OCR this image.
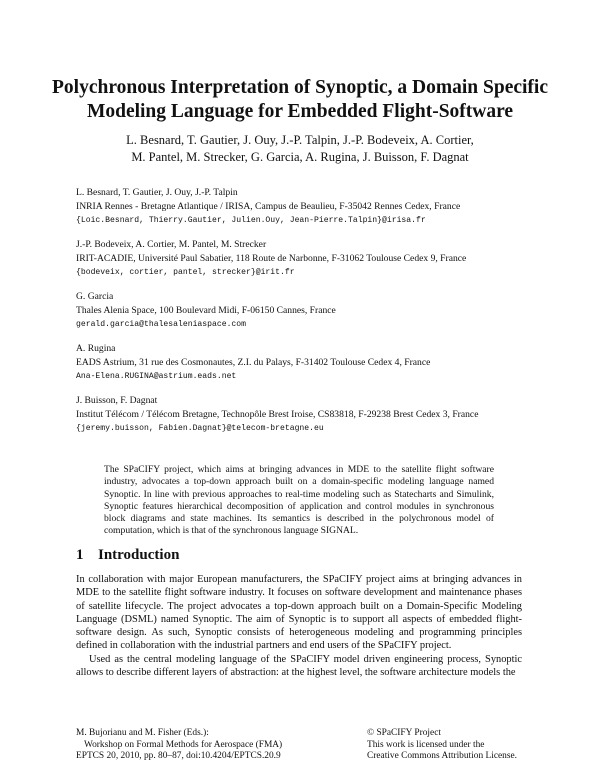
Polychronous Interpretation of Synoptic, a Domain Specific
Modeling Language for Embedded Flight-Software
L. Besnard, T. Gautier, J. Ouy, J.-P. Talpin, J.-P. Bodeveix, A. Cortier,
M. Pantel, M. Strecker, G. Garcia, A. Rugina, J. Buisson, F. Dagnat
L. Besnard, T. Gautier, J. Ouy, J.-P. Talpin
INRIA Rennes - Bretagne Atlantique / IRISA, Campus de Beaulieu, F-35042 Rennes Cedex, France
{Loic.Besnard, Thierry.Gautier, Julien.Ouy, Jean-Pierre.Talpin}@irisa.fr
J.-P. Bodeveix, A. Cortier, M. Pantel, M. Strecker
IRIT-ACADIE, Université Paul Sabatier, 118 Route de Narbonne, F-31062 Toulouse Cedex 9, France
{bodeveix, cortier, pantel, strecker}@irit.fr
G. Garcia
Thales Alenia Space, 100 Boulevard Midi, F-06150 Cannes, France
gerald.garcia@thalesaleniaspace.com
A. Rugina
EADS Astrium, 31 rue des Cosmonautes, Z.I. du Palays, F-31402 Toulouse Cedex 4, France
Ana-Elena.RUGINA@astrium.eads.net
J. Buisson, F. Dagnat
Institut Télécom / Télécom Bretagne, Technopôle Brest Iroise, CS83818, F-29238 Brest Cedex 3, France
{jeremy.buisson, Fabien.Dagnat}@telecom-bretagne.eu

The SPaCIFY project, which aims at bringing advances in MDE to the satellite flight software industry, advocates a top-down approach built on a domain-specific modeling language named Synoptic. In line with previous approaches to real-time modeling such as Statecharts and Simulink, Synoptic features hierarchical decomposition of application and control modules in synchronous block diagrams and state machines. Its semantics is described in the polychronous model of computation, which is that of the synchronous language SIGNAL.

1 Introduction

In collaboration with major European manufacturers, the SPaCIFY project aims at bringing advances in MDE to the satellite flight software industry. It focuses on software development and maintenance phases of satellite lifecycle. The project advocates a top-down approach built on a Domain-Specific Modeling Language (DSML) named Synoptic. The aim of Synoptic is to support all aspects of embedded flight-software design. As such, Synoptic consists of heterogeneous modeling and programming principles defined in collaboration with the industrial partners and end users of the SPaCIFY project.

Used as the central modeling language of the SPaCIFY model driven engineering process, Synoptic allows to describe different layers of abstraction: at the highest level, the software architecture models the

M. Bujorianu and M. Fisher (Eds.):
Workshop on Formal Methods for Aerospace (FMA)
EPTCS 20, 2010, pp. 80–87, doi:10.4204/EPTCS.20.9
© SPaCIFY Project
This work is licensed under the
Creative Commons Attribution License.
